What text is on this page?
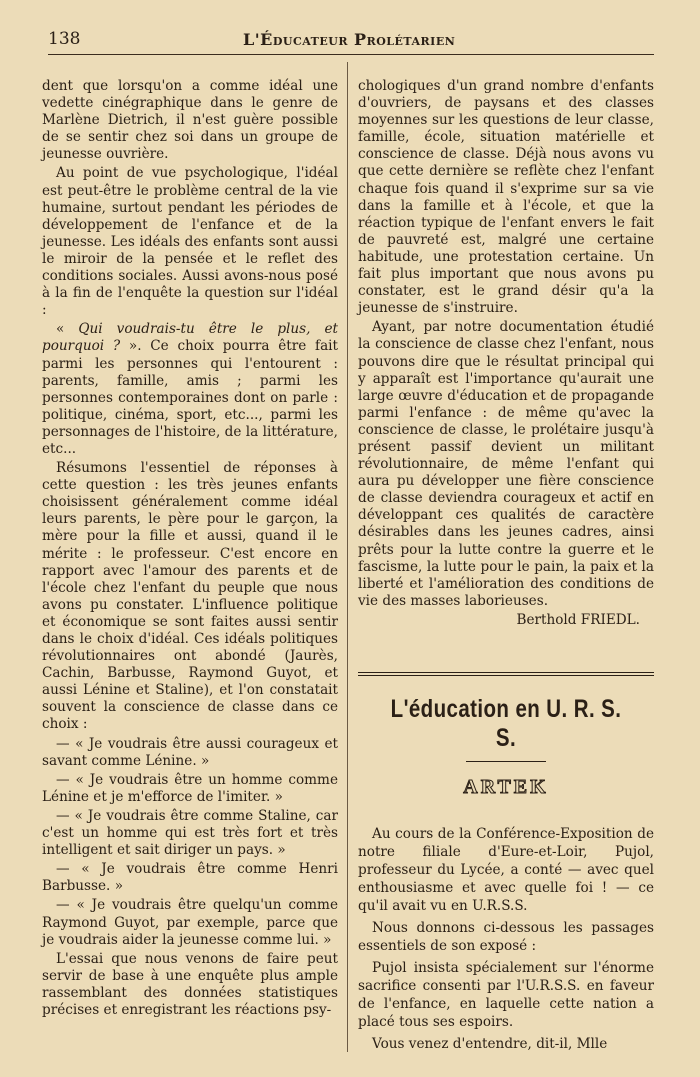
138	L'Éducateur Prolétarien

dent que lorsqu'on a comme idéal une vedette cinégraphique dans le genre de Marlène Dietrich, il n'est guère possible de se sentir chez soi dans un groupe de jeunesse ouvrière.

Au point de vue psychologique, l'idéal est peut-être le problème central de la vie humaine, surtout pendant les périodes de développement de l'enfance et de la jeunesse. Les idéals des enfants sont aussi le miroir de la pensée et le reflet des conditions sociales. Aussi avons-nous posé à la fin de l'enquête la question sur l'idéal :

« Qui voudrais-tu être le plus, et pourquoi ? ». Ce choix pourra être fait parmi les personnes qui l'entourent : parents, famille, amis ; parmi les personnes contemporaines dont on parle : politique, cinéma, sport, etc..., parmi les personnages de l'histoire, de la littérature, etc...

Résumons l'essentiel de réponses à cette question : les très jeunes enfants choisissent généralement comme idéal leurs parents, le père pour le garçon, la mère pour la fille et aussi, quand il le mérite : le professeur. C'est encore en rapport avec l'amour des parents et de l'école chez l'enfant du peuple que nous avons pu constater. L'influence politique et économique se sont faites aussi sentir dans le choix d'idéal. Ces idéals politiques révolutionnaires ont abondé (Jaurès, Cachin, Barbusse, Raymond Guyot, et aussi Lénine et Staline), et l'on constatait souvent la conscience de classe dans ce choix :

— « Je voudrais être aussi courageux et savant comme Lénine. »

— « Je voudrais être un homme comme Lénine et je m'efforce de l'imiter. »

— « Je voudrais être comme Staline, car c'est un homme qui est très fort et très intelligent et sait diriger un pays. »

— « Je voudrais être comme Henri Barbusse. »

— « Je voudrais être quelqu'un comme Raymond Guyot, par exemple, parce que je voudrais aider la jeunesse comme lui. »

L'essai que nous venons de faire peut servir de base à une enquête plus ample rassemblant des données statistiques précises et enregistrant les réactions psy-

chologiques d'un grand nombre d'enfants d'ouvriers, de paysans et des classes moyennes sur les questions de leur classe, famille, école, situation matérielle et conscience de classe. Déjà nous avons vu que cette dernière se reflète chez l'enfant chaque fois quand il s'exprime sur sa vie dans la famille et à l'école, et que la réaction typique de l'enfant envers le fait de pauvreté est, malgré une certaine habitude, une protestation certaine. Un fait plus important que nous avons pu constater, est le grand désir qu'a la jeunesse de s'instruire.

Ayant, par notre documentation étudié la conscience de classe chez l'enfant, nous pouvons dire que le résultat principal qui y apparaît est l'importance qu'aurait une large œuvre d'éducation et de propagande parmi l'enfance : de même qu'avec la conscience de classe, le prolétaire jusqu'à présent passif devient un militant révolutionnaire, de même l'enfant qui aura pu développer une fière conscience de classe deviendra courageux et actif en développant ces qualités de caractère désirables dans les jeunes cadres, ainsi prêts pour la lutte contre la guerre et le fascisme, la lutte pour le pain, la paix et la liberté et l'amélioration des conditions de vie des masses laborieuses.

Berthold FRIEDL.

L'éducation en U. R. S. S.
ARTEK

Au cours de la Conférence-Exposition de notre filiale d'Eure-et-Loir, Pujol, professeur du Lycée, a conté — avec quel enthousiasme et avec quelle foi ! — ce qu'il avait vu en U.R.S.S.

Nous donnons ci-dessous les passages essentiels de son exposé :

Pujol insista spécialement sur l'énorme sacrifice consenti par l'U.R.S.S. en faveur de l'enfance, en laquelle cette nation a placé tous ses espoirs.

Vous venez d'entendre, dit-il, Mlle
